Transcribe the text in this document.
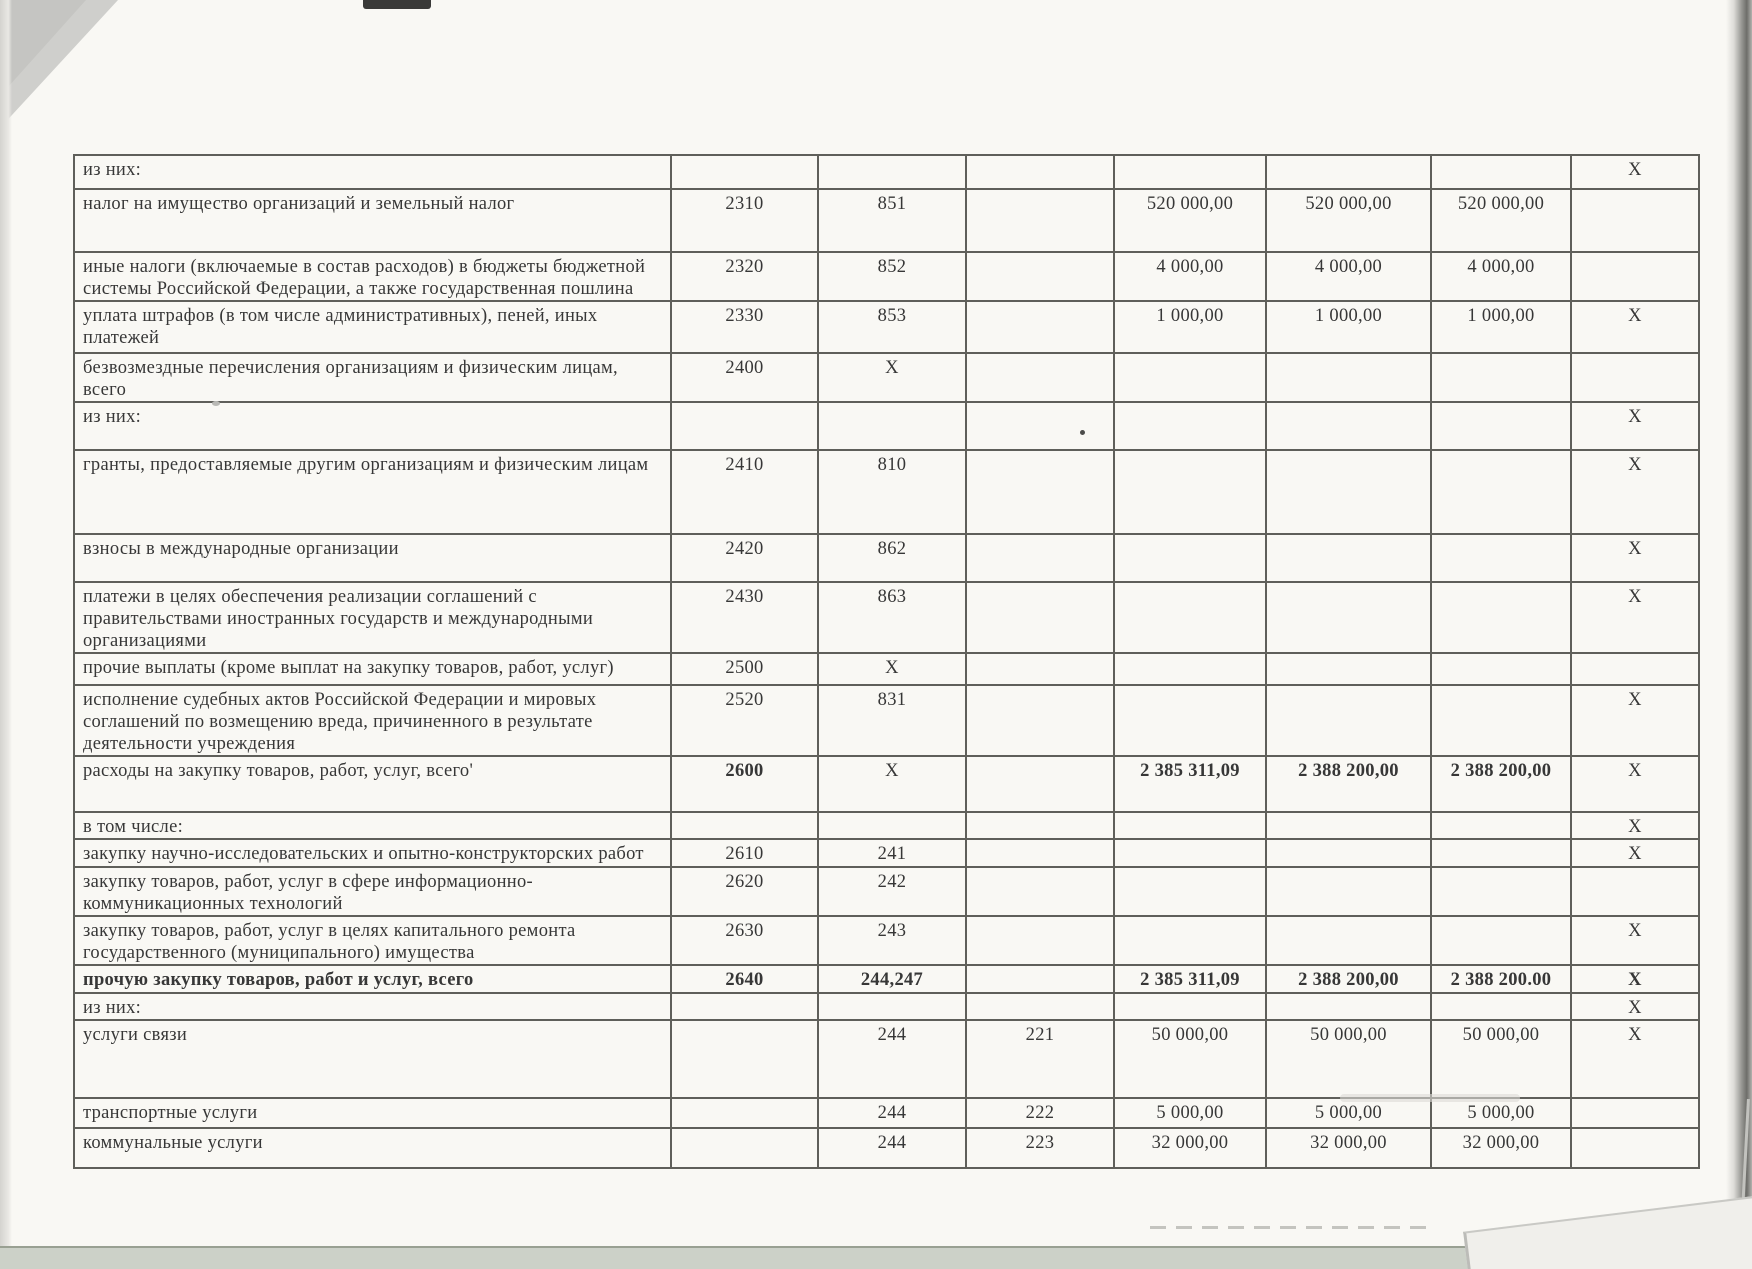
из них:							X
налог на имущество организаций и земельный налог	2310	851		520 000,00	520 000,00	520 000,00	
иные налоги (включаемые в состав расходов) в бюджеты бюджетной системы Российской Федерации, а также государственная пошлина	2320	852		4 000,00	4 000,00	4 000,00	
уплата штрафов (в том числе административных), пеней, иных платежей	2330	853		1 000,00	1 000,00	1 000,00	X
безвозмездные перечисления организациям и физическим лицам, всего	2400	X					
из них:							X
гранты, предоставляемые другим организациям и физическим лицам	2410	810					X
взносы в международные организации	2420	862					X
платежи в целях обеспечения реализации соглашений с правительствами иностранных государств и международными организациями	2430	863					X
прочие выплаты (кроме выплат на закупку товаров, работ, услуг)	2500	X					
исполнение судебных актов Российской Федерации и мировых соглашений по возмещению вреда, причиненного в результате деятельности учреждения	2520	831					X
расходы на закупку товаров, работ, услуг, всего'	2600	X		2 385 311,09	2 388 200,00	2 388 200,00	X
в том числе:							X
закупку научно-исследовательских и опытно-конструкторских работ	2610	241					X
закупку товаров, работ, услуг в сфере информационно-коммуникационных технологий	2620	242					
закупку товаров, работ, услуг в целях капитального ремонта государственного (муниципального) имущества	2630	243					X
прочую закупку товаров, работ и услуг, всего	2640	244,247		2 385 311,09	2 388 200,00	2 388 200.00	X
из них:							X
услуги связи		244	221	50 000,00	50 000,00	50 000,00	X
транспортные услуги		244	222	5 000,00	5 000,00	5 000,00	
коммунальные услуги		244	223	32 000,00	32 000,00	32 000,00	
